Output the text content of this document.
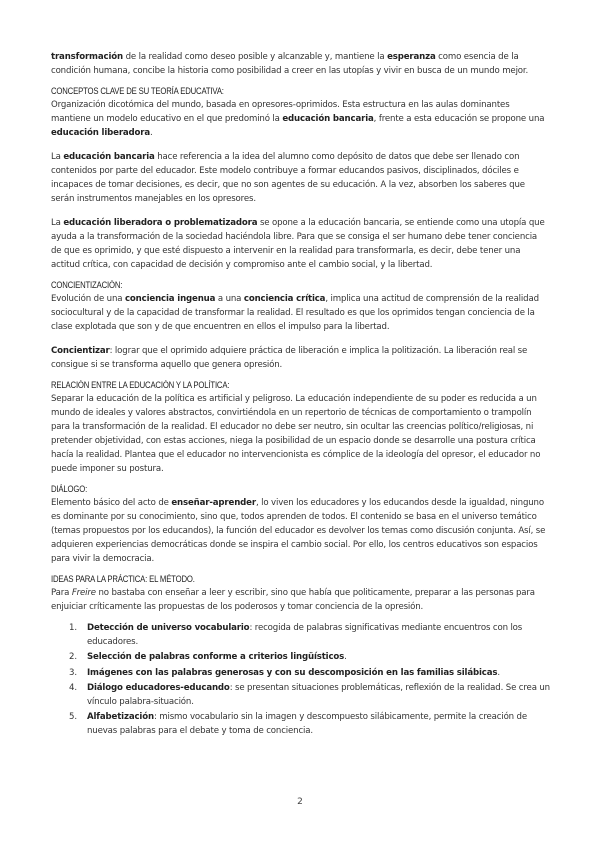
transformación de la realidad como deseo posible y alcanzable y, mantiene la esperanza como esencia de la condición humana, concibe la historia como posibilidad a creer en las utopías y vivir en busca de un mundo mejor.

CONCEPTOS CLAVE DE SU TEORÍA EDUCATIVA:

Organización dicotómica del mundo, basada en opresores-oprimidos. Esta estructura en las aulas dominantes mantiene un modelo educativo en el que predominó la educación bancaria, frente a esta educación se propone una educación liberadora.

La educación bancaria hace referencia a la idea del alumno como depósito de datos que debe ser llenado con contenidos por parte del educador. Este modelo contribuye a formar educandos pasivos, disciplinados, dóciles e incapaces de tomar decisiones, es decir, que no son agentes de su educación. A la vez, absorben los saberes que serán instrumentos manejables en los opresores.

La educación liberadora o problematizadora se opone a la educación bancaria, se entiende como una utopía que ayuda a la transformación de la sociedad haciéndola libre. Para que se consiga el ser humano debe tener conciencia de que es oprimido, y que esté dispuesto a intervenir en la realidad para transformarla, es decir, debe tener una actitud crítica, con capacidad de decisión y compromiso ante el cambio social, y la libertad.

CONCIENTIZACIÓN:

Evolución de una conciencia ingenua a una conciencia crítica, implica una actitud de comprensión de la realidad sociocultural y de la capacidad de transformar la realidad. El resultado es que los oprimidos tengan conciencia de la clase explotada que son y de que encuentren en ellos el impulso para la libertad.

Concientizar: lograr que el oprimido adquiere práctica de liberación e implica la politización. La liberación real se consigue si se transforma aquello que genera opresión.

RELACIÓN ENTRE LA EDUCACIÓN Y LA POLÍTICA:

Separar la educación de la política es artificial y peligroso. La educación independiente de su poder es reducida a un mundo de ideales y valores abstractos, convirtiéndola en un repertorio de técnicas de comportamiento o trampolín para la transformación de la realidad. El educador no debe ser neutro, sin ocultar las creencias político/religiosas, ni pretender objetividad, con estas acciones, niega la posibilidad de un espacio donde se desarrolle una postura crítica hacía la realidad. Plantea que el educador no intervencionista es cómplice de la ideología del opresor, el educador no puede imponer su postura.

DIÁLOGO:

Elemento básico del acto de enseñar-aprender, lo viven los educadores y los educandos desde la igualdad, ninguno es dominante por su conocimiento, sino que, todos aprenden de todos. El contenido se basa en el universo temático (temas propuestos por los educandos), la función del educador es devolver los temas como discusión conjunta. Así, se adquieren experiencias democráticas donde se inspira el cambio social. Por ello, los centros educativos son espacios para vivir la democracia.

IDEAS PARA LA PRÁCTICA: EL MÉTODO.

Para Freire no bastaba con enseñar a leer y escribir, sino que había que politicamente, preparar a las personas para enjuiciar críticamente las propuestas de los poderosos y tomar conciencia de la opresión.

1.	Detección de universo vocabulario: recogida de palabras significativas mediante encuentros con los educadores.
2.	Selección de palabras conforme a criterios lingüísticos.
3.	Imágenes con las palabras generosas y con su descomposición en las familias silábicas.
4.	Diálogo educadores-educando: se presentan situaciones problemáticas, reflexión de la realidad. Se crea un vínculo palabra-situación.
5.	Alfabetización: mismo vocabulario sin la imagen y descompuesto silábicamente, permite la creación de nuevas palabras para el debate y toma de conciencia.
2
